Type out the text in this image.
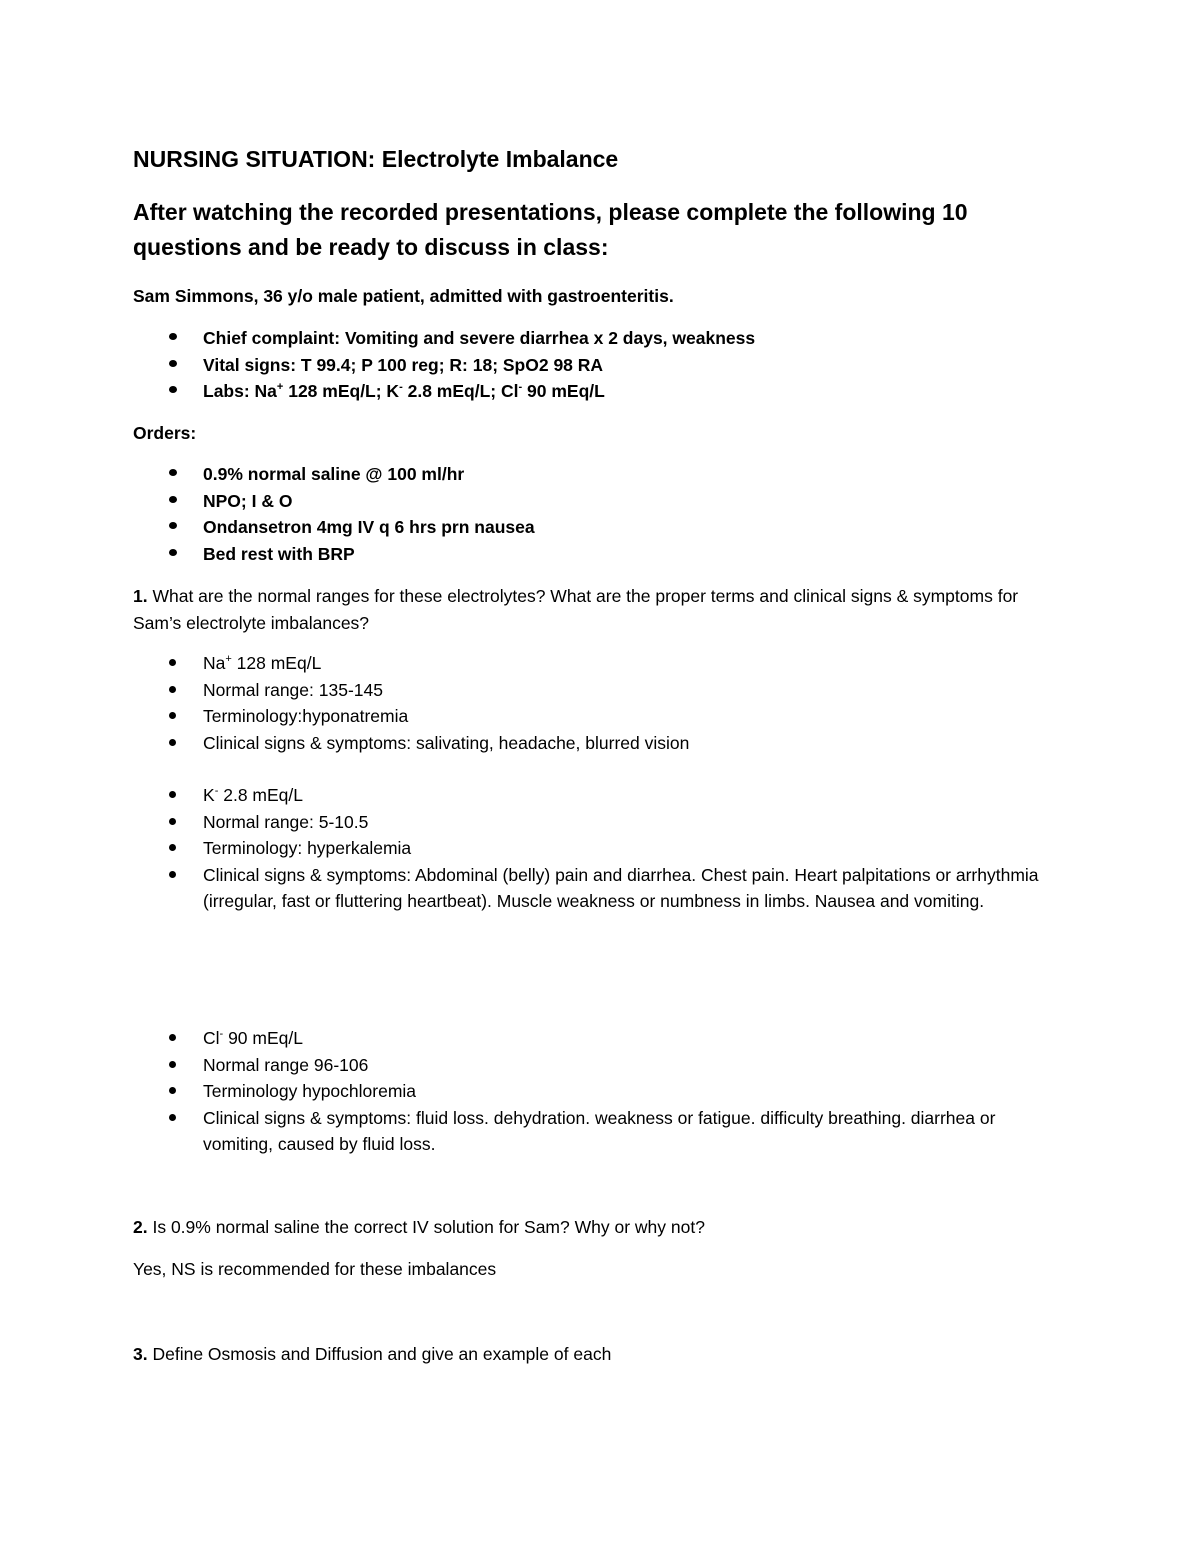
NURSING SITUATION: Electrolyte Imbalance

After watching the recorded presentations, please complete the following 10 questions and be ready to discuss in class:

Sam Simmons, 36 y/o male patient, admitted with gastroenteritis.

Chief complaint: Vomiting and severe diarrhea x 2 days, weakness
Vital signs: T 99.4; P 100 reg; R: 18; SpO2 98 RA
Labs: Na+ 128 mEq/L; K- 2.8 mEq/L; Cl- 90 mEq/L

Orders:

0.9% normal saline @ 100 ml/hr
NPO; I & O
Ondansetron 4mg IV q 6 hrs prn nausea
Bed rest with BRP

1. What are the normal ranges for these electrolytes? What are the proper terms and clinical signs & symptoms for Sam’s electrolyte imbalances?

Na+ 128 mEq/L
Normal range: 135-145
Terminology:hyponatremia
Clinical signs & symptoms: salivating, headache, blurred vision
K- 2.8 mEq/L
Normal range: 5-10.5
Terminology: hyperkalemia
Clinical signs & symptoms: Abdominal (belly) pain and diarrhea. Chest pain. Heart palpitations or arrhythmia (irregular, fast or fluttering heartbeat). Muscle weakness or numbness in limbs. Nausea and vomiting.
Cl- 90 mEq/L
Normal range 96-106
Terminology hypochloremia
Clinical signs & symptoms: fluid loss. dehydration. weakness or fatigue. difficulty breathing. diarrhea or vomiting, caused by fluid loss.

2. Is 0.9% normal saline the correct IV solution for Sam? Why or why not?

Yes, NS is recommended for these imbalances

3. Define Osmosis and Diffusion and give an example of each
